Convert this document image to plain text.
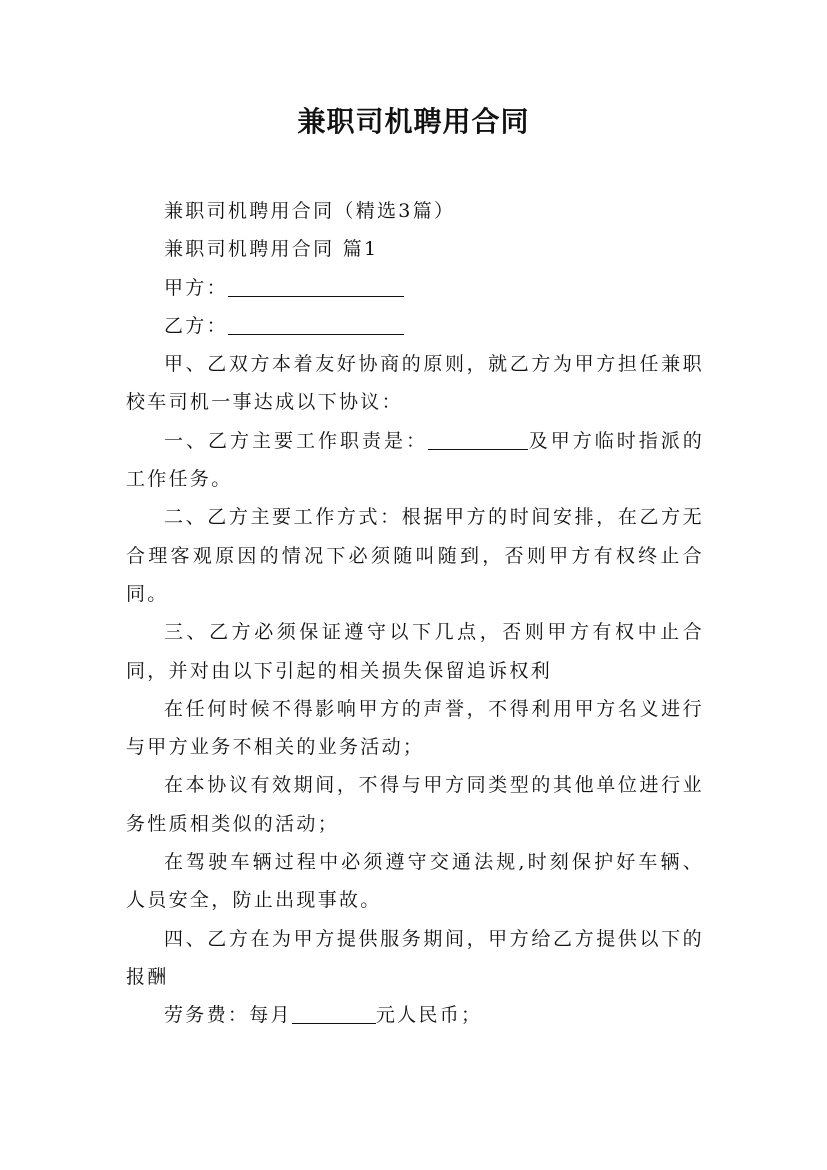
兼职司机聘用合同

兼职司机聘用合同（精选3篇）

兼职司机聘用合同 篇1

甲方：

乙方：

甲、乙双方本着友好协商的原则，就乙方为甲方担任兼职校车司机一事达成以下协议：

一、乙方主要工作职责是：	及甲方临时指派的工作任务。

二、乙方主要工作方式：根据甲方的时间安排，在乙方无合理客观原因的情况下必须随叫随到，否则甲方有权终止合同。

三、乙方必须保证遵守以下几点，否则甲方有权中止合同，并对由以下引起的相关损失保留追诉权利

在任何时候不得影响甲方的声誉，不得利用甲方名义进行与甲方业务不相关的业务活动；

在本协议有效期间，不得与甲方同类型的其他单位进行业务性质相类似的活动；

在驾驶车辆过程中必须遵守交通法规,时刻保护好车辆、人员安全，防止出现事故。

四、乙方在为甲方提供服务期间，甲方给乙方提供以下的报酬

劳务费：每月	元人民币；
